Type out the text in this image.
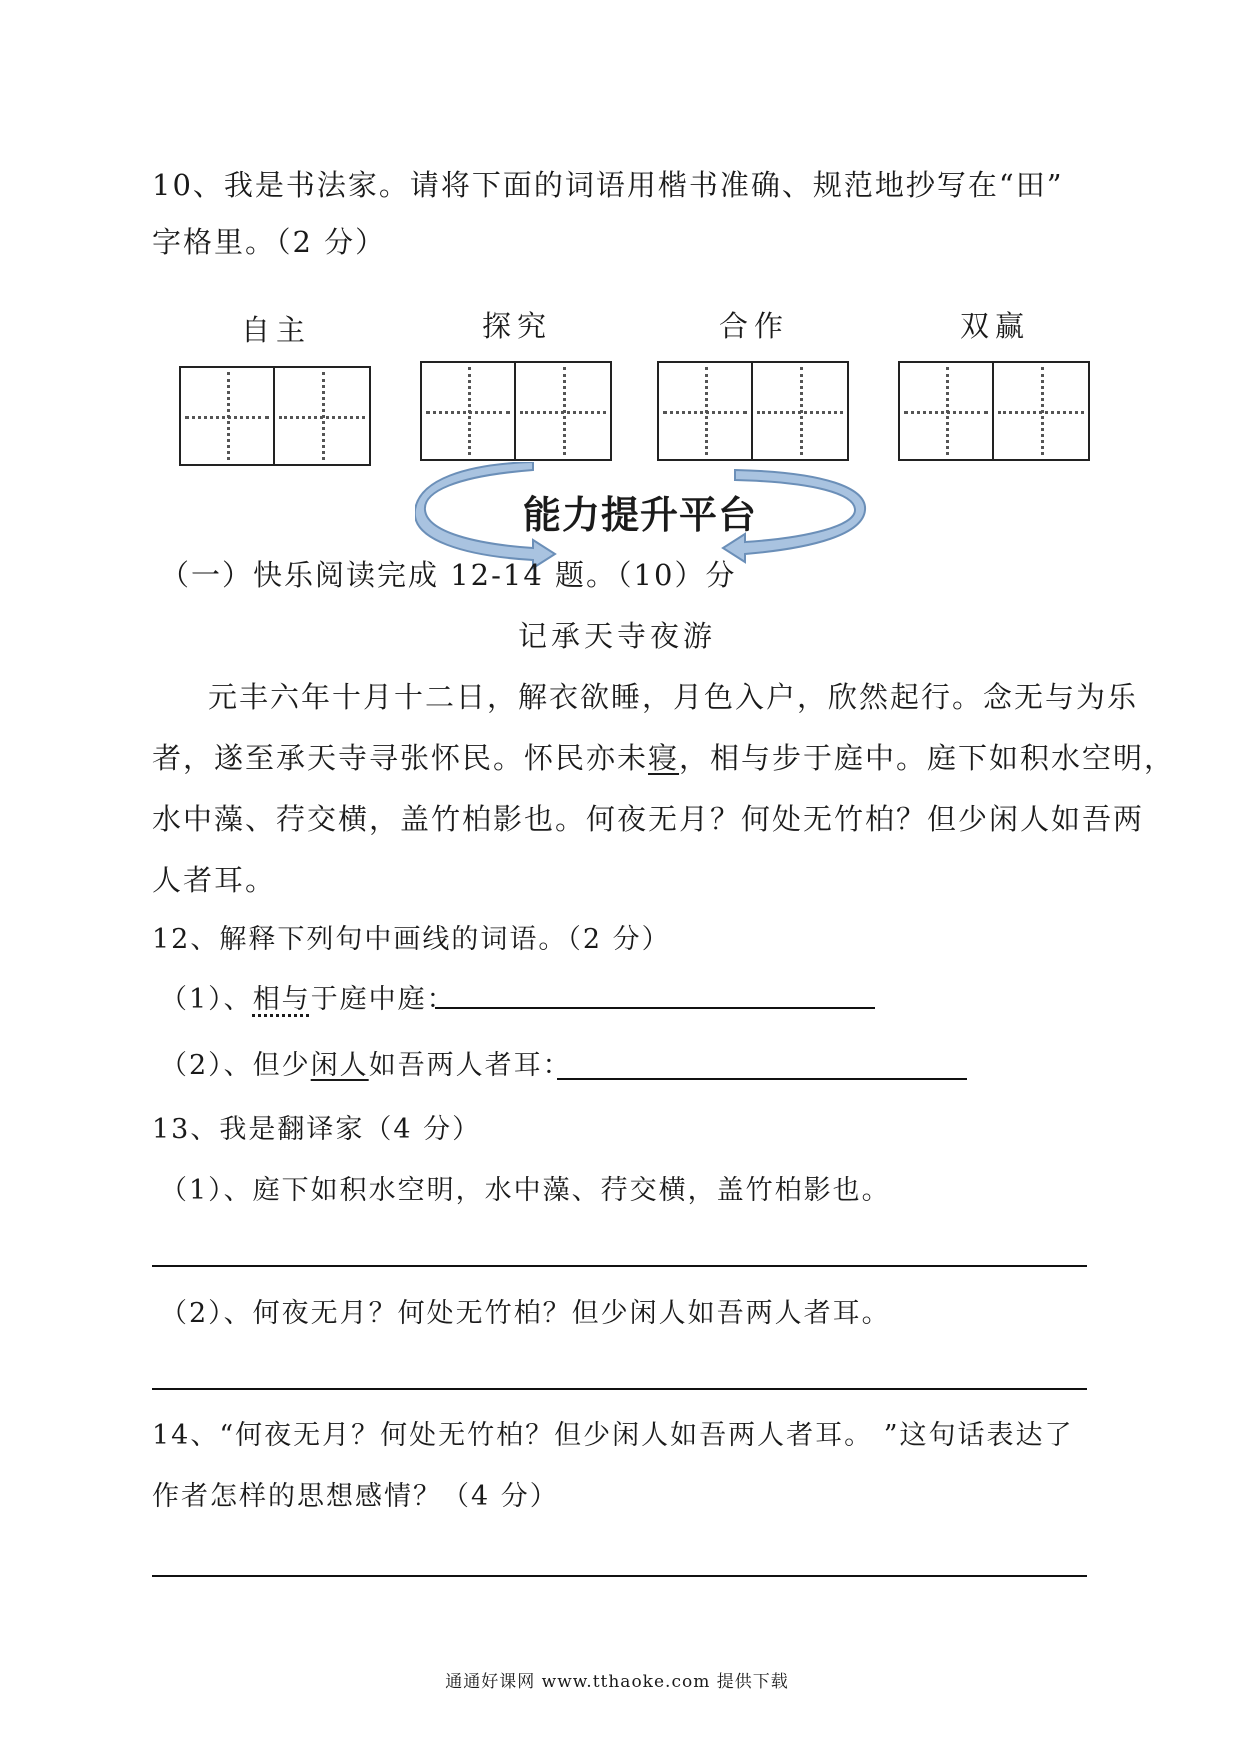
10、我是书法家。请将下面的词语用楷书准确、规范地抄写在“田”
字格里。（2 分）
自主	探究	合作	双赢
能力提升平台
（一）快乐阅读完成 12-14 题。（10）分
记承天寺夜游
元丰六年十月十二日，解衣欲睡，月色入户，欣然起行。念无与为乐
者，遂至承天寺寻张怀民。怀民亦未寝，相与步于庭中。庭下如积水空明，
水中藻、荇交横，盖竹柏影也。何夜无月？何处无竹柏？但少闲人如吾两
人者耳。
12、解释下列句中画线的词语。（2 分）
（1）、相与于庭中庭：
（2）、但少闲人如吾两人者耳：
13、我是翻译家（4 分）
（1）、庭下如积水空明，水中藻、荇交横，盖竹柏影也。
（2）、何夜无月？何处无竹柏？但少闲人如吾两人者耳。
14、“何夜无月？何处无竹柏？但少闲人如吾两人者耳。 ”这句话表达了
作者怎样的思想感情？（4 分）
通通好课网 www.tthaoke.com 提供下载
